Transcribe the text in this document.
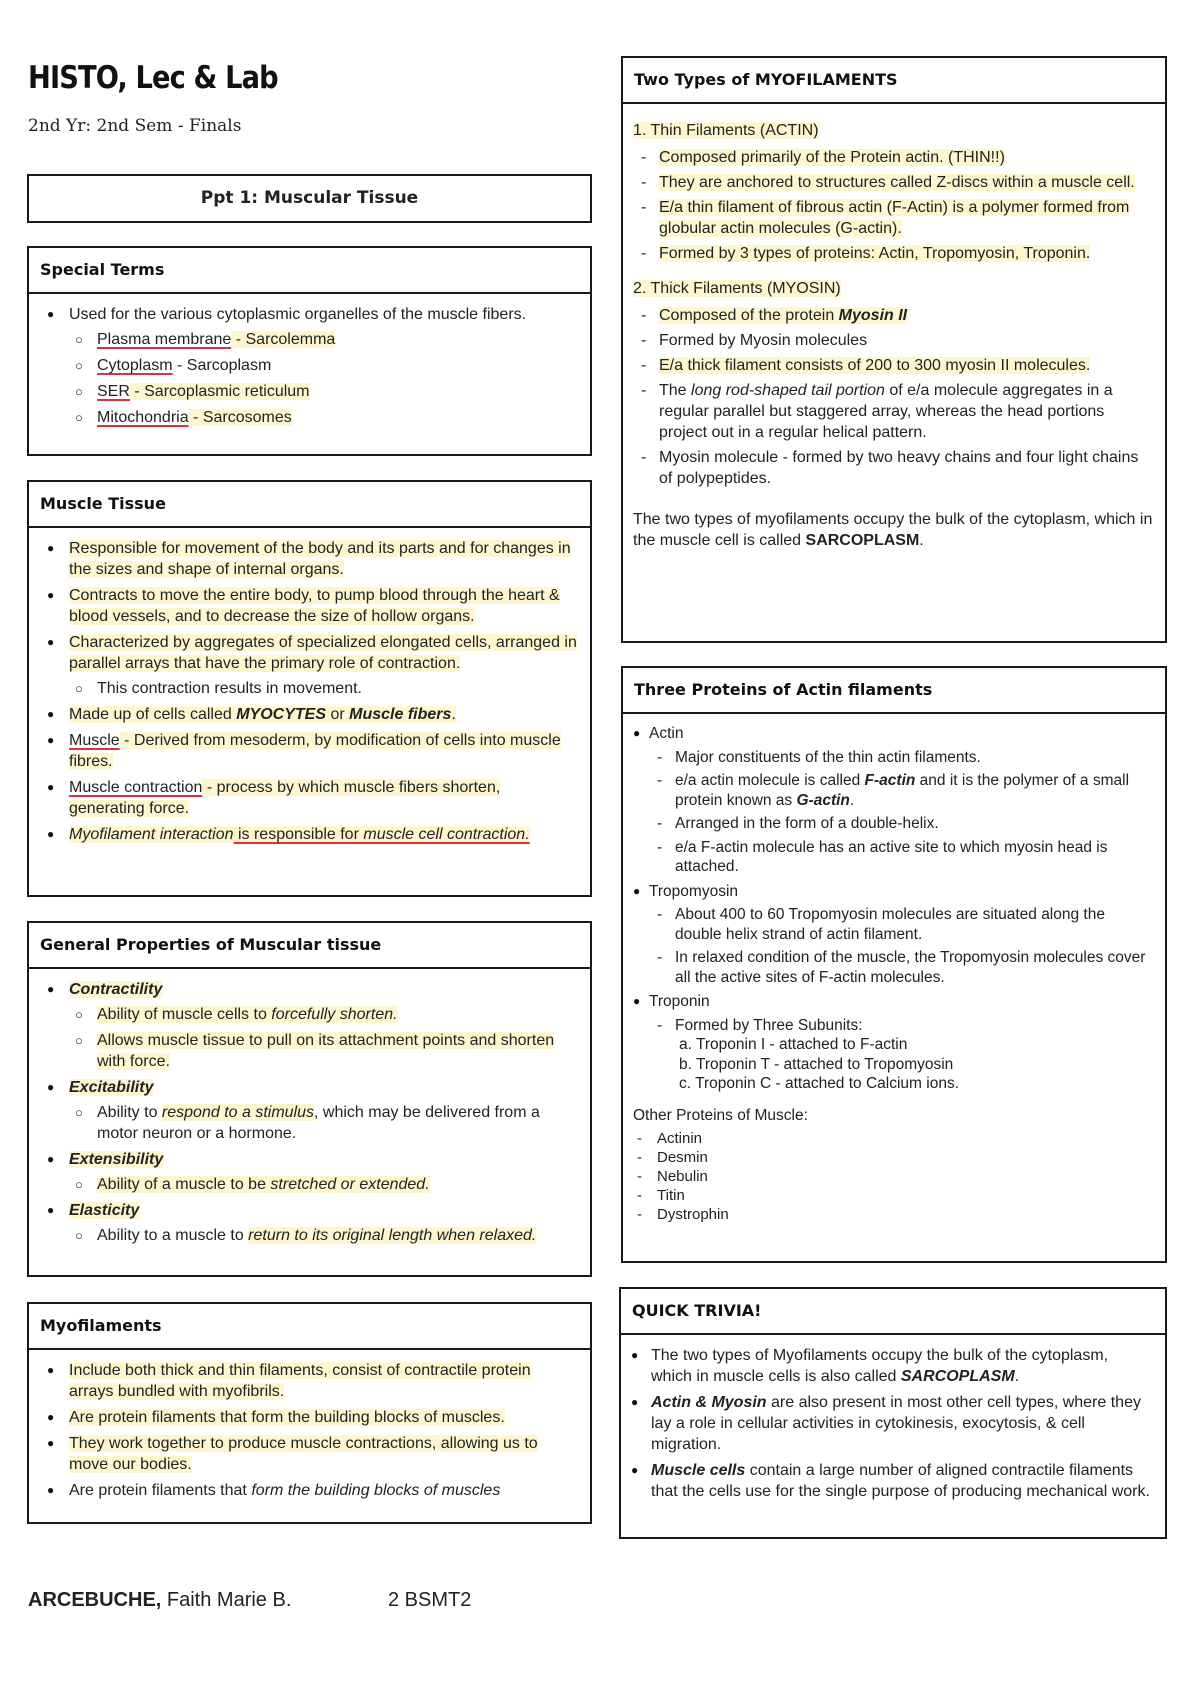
HISTO, Lec & Lab
2nd Yr: 2nd Sem - Finals
Ppt 1: Muscular Tissue
Special Terms
● Used for the various cytoplasmic organelles of the muscle fibers.
○ Plasma membrane - Sarcolemma
○ Cytoplasm - Sarcoplasm
○ SER - Sarcoplasmic reticulum
○ Mitochondria - Sarcosomes
Muscle Tissue
● Responsible for movement of the body and its parts and for changes in the sizes and shape of internal organs.
● Contracts to move the entire body, to pump blood through the heart & blood vessels, and to decrease the size of hollow organs.
● Characterized by aggregates of specialized elongated cells, arranged in parallel arrays that have the primary role of contraction.
○ This contraction results in movement.
● Made up of cells called MYOCYTES or Muscle fibers.
● Muscle - Derived from mesoderm, by modification of cells into muscle fibres.
● Muscle contraction - process by which muscle fibers shorten, generating force.
● Myofilament interaction is responsible for muscle cell contraction.
General Properties of Muscular tissue
● Contractility
○ Ability of muscle cells to forcefully shorten.
○ Allows muscle tissue to pull on its attachment points and shorten with force.
● Excitability
○ Ability to respond to a stimulus, which may be delivered from a motor neuron or a hormone.
● Extensibility
○ Ability of a muscle to be stretched or extended.
● Elasticity
○ Ability to a muscle to return to its original length when relaxed.
Myofilaments
● Include both thick and thin filaments, consist of contractile protein arrays bundled with myofibrils.
● Are protein filaments that form the building blocks of muscles.
● They work together to produce muscle contractions, allowing us to move our bodies.
● Are protein filaments that form the building blocks of muscles
Two Types of MYOFILAMENTS
1. Thin Filaments (ACTIN)
- Composed primarily of the Protein actin. (THIN!!)
- They are anchored to structures called Z-discs within a muscle cell.
- E/a thin filament of fibrous actin (F-Actin) is a polymer formed from globular actin molecules (G-actin).
- Formed by 3 types of proteins: Actin, Tropomyosin, Troponin.
2. Thick Filaments (MYOSIN)
- Composed of the protein Myosin II
- Formed by Myosin molecules
- E/a thick filament consists of 200 to 300 myosin II molecules.
- The long rod-shaped tail portion of e/a molecule aggregates in a regular parallel but staggered array, whereas the head portions project out in a regular helical pattern.
- Myosin molecule - formed by two heavy chains and four light chains of polypeptides.
The two types of myofilaments occupy the bulk of the cytoplasm, which in the muscle cell is called SARCOPLASM.
Three Proteins of Actin filaments
● Actin
- Major constituents of the thin actin filaments.
- e/a actin molecule is called F-actin and it is the polymer of a small protein known as G-actin.
- Arranged in the form of a double-helix.
- e/a F-actin molecule has an active site to which myosin head is attached.
● Tropomyosin
- About 400 to 60 Tropomyosin molecules are situated along the double helix strand of actin filament.
- In relaxed condition of the muscle, the Tropomyosin molecules cover all the active sites of F-actin molecules.
● Troponin
- Formed by Three Subunits:
a. Troponin I - attached to F-actin
b. Troponin T - attached to Tropomyosin
c. Troponin C - attached to Calcium ions.
Other Proteins of Muscle:
- Actinin
- Desmin
- Nebulin
- Titin
- Dystrophin
QUICK TRIVIA!
● The two types of Myofilaments occupy the bulk of the cytoplasm, which in muscle cells is also called SARCOPLASM.
● Actin & Myosin are also present in most other cell types, where they lay a role in cellular activities in cytokinesis, exocytosis, & cell migration.
● Muscle cells contain a large number of aligned contractile filaments that the cells use for the single purpose of producing mechanical work.
ARCEBUCHE, Faith Marie B.	2 BSMT2
